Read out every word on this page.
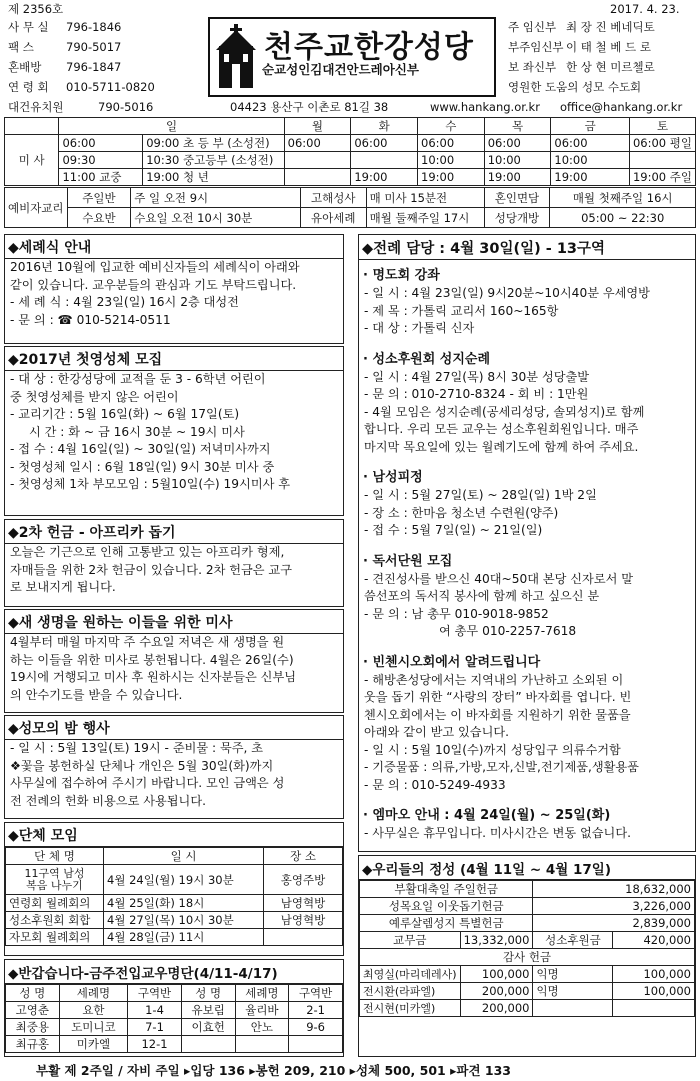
제 2356호	2017. 4. 23.
사 무 실 796-1846
팩 스	790-5017
혼배방 796-1847
연 령 회 010-5711-0820
대건유치원	790-5016
천주교한강성당
순교성인김대건안드레아신부
주 임신부 최 장 진 베네딕토
부주임신부 이 태 철 베 드 로
보 좌신부 한 상 현 미르첼로
영원한 도움의 성모 수도회
04423 용산구 이촌로 81길 38	www.hankang.or.kr office@hankang.or.kr
	일		월	화	수	목	금	토
미 사	06:00	09:00 초 등 부 (소성전)	06:00	06:00	06:00	06:00	06:00	06:00 평일
	09:30	10:30 중고등부 (소성전)			10:00	10:00	10:00	
	11:00 교중	19:00 청 년		19:00	19:00	19:00	19:00	19:00 주일
예비자교리	주일반	주 일 오전 9시	고해성사	매 미사 15분전	혼인면담	매월 첫째주일 16시
	수요반	수요일 오전 10시 30분	유아세례	매월 둘째주일 17시	성당개방	05:00 ~ 22:30
◆세례식 안내
2016년 10월에 입교한 예비신자들의 세례식이 아래와
같이 있습니다. 교우분들의 관심과 기도 부탁드립니다.
- 세 례 식 : 4월 23일(일) 16시 2층 대성전
- 문 의 : ☎ 010-5214-0511
◆2017년 첫영성체 모집
- 대 상 : 한강성당에 교적을 둔 3 - 6학년 어린이
중 첫영성체를 받지 않은 어린이
- 교리기간 : 5월 16일(화) ~ 6월 17일(토)
시 간 : 화 ~ 금 16시 30분 ~ 19시 미사
- 접 수 : 4월 16일(일) ~ 30일(일) 저녁미사까지
- 첫영성체 일시 : 6월 18일(일) 9시 30분 미사 중
- 첫영성체 1차 부모모임 : 5월10일(수) 19시미사 후
◆2차 헌금 - 아프리카 돕기
오늘은 기근으로 인해 고통받고 있는 아프리카 형제,
자매들을 위한 2차 헌금이 있습니다. 2차 헌금은 교구
로 보내지게 됩니다.
◆새 생명을 원하는 이들을 위한 미사
4월부터 매월 마지막 주 수요일 저녁은 새 생명을 원
하는 이들을 위한 미사로 봉헌됩니다. 4월은 26일(수)
19시에 거행되고 미사 후 원하시는 신자분들은 신부님
의 안수기도를 받을 수 있습니다.
◆성모의 밤 행사
- 일 시 : 5월 13일(토) 19시 - 준비물 : 묵주, 초
❖꽃을 봉헌하실 단체나 개인은 5월 30일(화)까지
사무실에 접수하여 주시기 바랍니다. 모인 금액은 성
전 전례의 헌화 비용으로 사용됩니다.
◆단체 모임
단 체 명	일 시	장 소
11구역 남성
복음 나누기	4월 24일(월) 19시 30분	홍영주방
연령회 월례회의	4월 25일(화) 18시	남영혁방
성소후원회 회합	4월 27일(목) 10시 30분	남영혁방
자모회 월례회의	4월 28일(금) 11시	
◆반갑습니다-금주전입교우명단(4/11-4/17)
성 명	세례명	구역반	성 명	세례명	구역반
고영춘	요한	1-4	유보림	율리바	2-1
최중용	도미니코	7-1	이효헌	안노	9-6
최규홍	미카엘	12-1			
◆전례 담당 : 4월 30일(일) - 13구역
· 명도회 강좌
- 일 시 : 4월 23일(일) 9시20분~10시40분 우세영방
- 제 목 : 가톨릭 교리서 160~165항
- 대 상 : 가톨릭 신자
· 성소후원회 성지순례
- 일 시 : 4월 27일(목) 8시 30분 성당출발
- 문 의 : 010-2710-8324 - 회 비 : 1만원
- 4월 모임은 성지순례(공세리성당, 솔뫼성지)로 함께
합니다. 우리 모든 교우는 성소후원회원입니다. 매주
마지막 목요일에 있는 월례기도에 함께 하여 주세요.
· 남성피정
- 일 시 : 5월 27일(토) ~ 28일(일) 1박 2일
- 장 소 : 한마음 청소년 수련원(양주)
- 접 수 : 5월 7일(일) ~ 21일(일)
· 독서단원 모집
- 견진성사를 받으신 40대~50대 본당 신자로서 말
씀선포의 독서직 봉사에 함께 하고 싶으신 분
- 문 의 : 남 총무 010-9018-9852
여 총무 010-2257-7618
· 빈첸시오회에서 알려드립니다
- 해방촌성당에서는 지역내의 가난하고 소외된 이
웃을 돕기 위한 “사랑의 장터” 바자회를 엽니다. 빈
첸시오회에서는 이 바자회를 지원하기 위한 물품을
아래와 같이 받고 있습니다.
- 일 시 : 5월 10일(수)까지 성당입구 의류수거함
- 기증물품 : 의류,가방,모자,신발,전기제품,생활용품
- 문 의 : 010-5249-4933
· 엠마오 안내 : 4월 24일(월) ~ 25일(화)
- 사무실은 휴무입니다. 미사시간은 변동 없습니다.
◆우리들의 정성 (4월 11일 ~ 4월 17일)
부활대축일 주일헌금		18,632,000	
성목요일 이웃돕기헌금		3,226,000	
예루살렘성지 특별헌금		2,839,000	
교무금	13,332,000	성소후원금	420,000
감사 헌금			
최영실(마리데레사)	100,000	익명	100,000
전시환(라파엘)	200,000	익명	100,000
전시현(미카엘)	200,000		
부활 제 2주일 / 자비 주일 ▸입당 136 ▸봉헌 209, 210 ▸성체 500, 501 ▸파견 133
